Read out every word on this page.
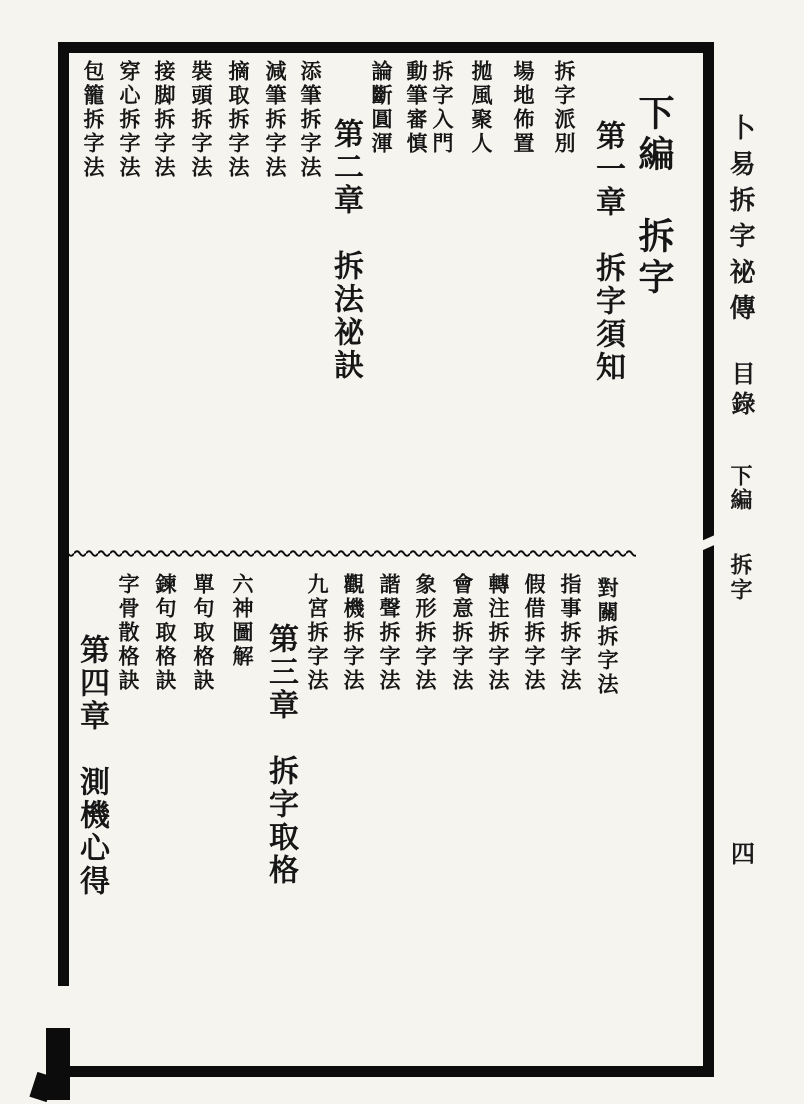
卜易拆字祕傳 目錄 下編 拆字
四
下編　拆字
第一章　拆字須知
拆字派別
場地佈置
拋風聚人
拆字入門
動筆審慎
論斷圓渾
第二章　拆法祕訣
添筆拆字法
減筆拆字法
摘取拆字法
裝頭拆字法
接脚拆字法
穿心拆字法
包籠拆字法
對關拆字法
指事拆字法
假借拆字法
轉注拆字法
會意拆字法
象形拆字法
諧聲拆字法
觀機拆字法
九宮拆字法
第三章　拆字取格
六神圖解
單句取格訣
鍊句取格訣
字骨散格訣
第四章　測機心得
